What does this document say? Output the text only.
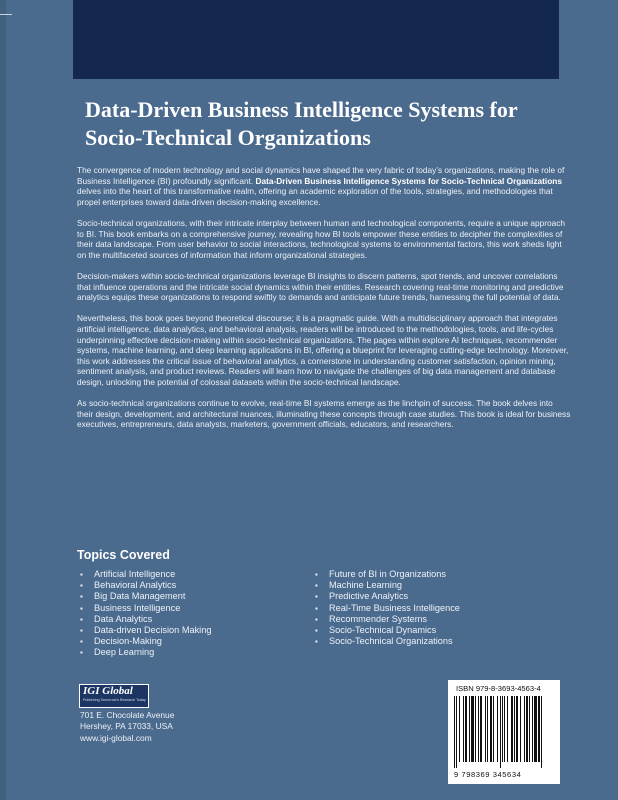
Data-Driven Business Intelligence Systems for
Socio-Technical Organizations

The convergence of modern technology and social dynamics have shaped the very fabric of today’s organizations, making the role of Business Intelligence (BI) profoundly significant. Data-Driven Business Intelligence Systems for Socio-Technical Organizations delves into the heart of this transformative realm, offering an academic exploration of the tools, strategies, and methodologies that propel enterprises toward data-driven decision-making excellence.

Socio-technical organizations, with their intricate interplay between human and technological components, require a unique approach to BI. This book embarks on a comprehensive journey, revealing how BI tools empower these entities to decipher the complexities of their data landscape. From user behavior to social interactions, technological systems to environmental factors, this work sheds light on the multifaceted sources of information that inform organizational strategies.

Decision-makers within socio-technical organizations leverage BI insights to discern patterns, spot trends, and uncover correlations that influence operations and the intricate social dynamics within their entities. Research covering real-time monitoring and predictive analytics equips these organizations to respond swiftly to demands and anticipate future trends, harnessing the full potential of data.

Nevertheless, this book goes beyond theoretical discourse; it is a pragmatic guide. With a multidisciplinary approach that integrates artificial intelligence, data analytics, and behavioral analysis, readers will be introduced to the methodologies, tools, and life-cycles underpinning effective decision-making within socio-technical organizations. The pages within explore AI techniques, recommender systems, machine learning, and deep learning applications in BI, offering a blueprint for leveraging cutting-edge technology. Moreover, this work addresses the critical issue of behavioral analytics, a cornerstone in understanding customer satisfaction, opinion mining, sentiment analysis, and product reviews. Readers will learn how to navigate the challenges of big data management and database design, unlocking the potential of colossal datasets within the socio-technical landscape.

As socio-technical organizations continue to evolve, real-time BI systems emerge as the linchpin of success. The book delves into their design, development, and architectural nuances, illuminating these concepts through case studies. This book is ideal for business executives, entrepreneurs, data analysts, marketers, government officials, educators, and researchers.

Topics Covered
▪ Artificial Intelligence
▪ Behavioral Analytics
▪ Big Data Management
▪ Business Intelligence
▪ Data Analytics
▪ Data-driven Decision Making
▪ Decision-Making
▪ Deep Learning
▪ Future of BI in Organizations
▪ Machine Learning
▪ Predictive Analytics
▪ Real-Time Business Intelligence
▪ Recommender Systems
▪ Socio-Technical Dynamics
▪ Socio-Technical Organizations
IGI Global
Publishing Tomorrow's Research Today
701 E. Chocolate Avenue
Hershey, PA 17033, USA
www.igi-global.com
ISBN 979-8-3693-4563-4
9 798369 345634
